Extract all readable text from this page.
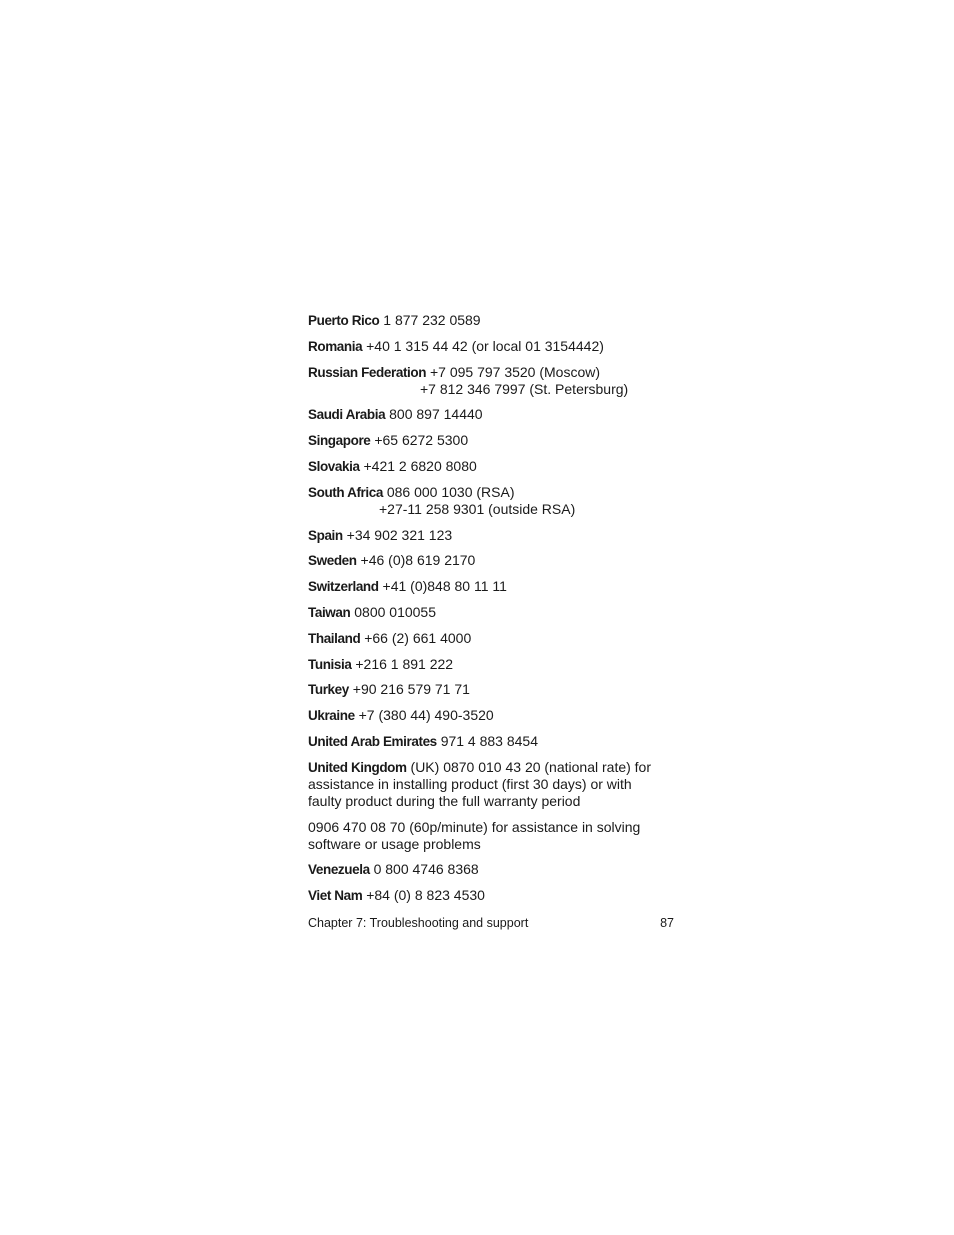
Puerto Rico 1 877 232 0589
Romania +40 1 315 44 42 (or local 01 3154442)
Russian Federation +7 095 797 3520 (Moscow)
+7 812 346 7997 (St. Petersburg)
Saudi Arabia 800 897 14440
Singapore +65 6272 5300
Slovakia +421 2 6820 8080
South Africa 086 000 1030 (RSA)
+27-11 258 9301 (outside RSA)
Spain +34 902 321 123
Sweden +46 (0)8 619 2170
Switzerland +41 (0)848 80 11 11
Taiwan 0800 010055
Thailand +66 (2) 661 4000
Tunisia +216 1 891 222
Turkey +90 216 579 71 71
Ukraine +7 (380 44) 490-3520
United Arab Emirates 971 4 883 8454
United Kingdom (UK) 0870 010 43 20 (national rate) for assistance in installing product (first 30 days) or with faulty product during the full warranty period
0906 470 08 70 (60p/minute) for assistance in solving software or usage problems
Venezuela 0 800 4746 8368
Viet Nam +84 (0) 8 823 4530
Chapter 7: Troubleshooting and support	87
